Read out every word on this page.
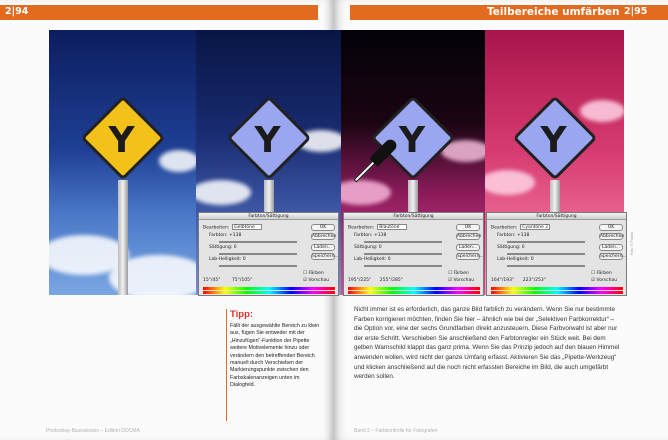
2|94	2|95
Teilbereiche umfärben
Y	Y	Y	Y
Farbton/Sättigung
Bearbeiten: Gelbtöne
Farbton: +138
Sättigung: 0
Lab-Helligkeit: 0
OK
Abbrechen
Laden...
Speichern...
☐ Färben
☑ Vorschau
15°/45°	75°/105°
Farbton/Sättigung
Bearbeiten: Blautöne
Farbton: +138
Sättigung: 0
Lab-Helligkeit: 0
OK
Abbrechen
Laden...
Speichern...
☐ Färben
☑ Vorschau
195°/225° 255°/285°
Farbton/Sättigung
Bearbeiten: Cyantöne 2
Farbton: +138
Sättigung: 0
Lab-Helligkeit: 0
OK
Abbrechen
Laden...
Speichern...
☐ Färben
☑ Vorschau
164°/193° 223°/253°
Tipp:
Fällt der ausgewählte Bereich zu klein aus, fügen Sie entweder mit der „Hinzufügen“-Funktion der Pipette weitere Motivelemente hinzu oder verändern den betreffenden Bereich manuell durch Verschieben der Markierungspunkte zwischen den Farbskalenanzeigen unten im Dialogfeld.
Nicht immer ist es erforderlich, das ganze Bild farblich zu verändern. Wenn Sie nur bestimmte Farben korrigieren möchten, finden Sie hier – ähnlich wie bei der „Selektiven Farbkorrektur“ – die Option vor, eine der sechs Grundfarben direkt anzusteuern. Diese Farbvorwahl ist aber nur der erste Schritt. Verschieben Sie anschließend den Farbtonregler ein Stück weit. Bei dem gelben Warnschild klappt das ganz prima. Wenn Sie das Prinzip jedoch auf den blauen Himmel anwenden wollen, wird nicht der ganze Umfang erfasst. Aktivieren Sie das „Pipette-Werkzeug“ und klicken anschließend auf die noch nicht erfassten Bereiche im Bild, die auch umgefärbt werden sollen.
Photoshop-Basiswissen – Edition DOCMA	Band 2 – Farbkontrolle für Fotografen
Foto: © Fotolia
